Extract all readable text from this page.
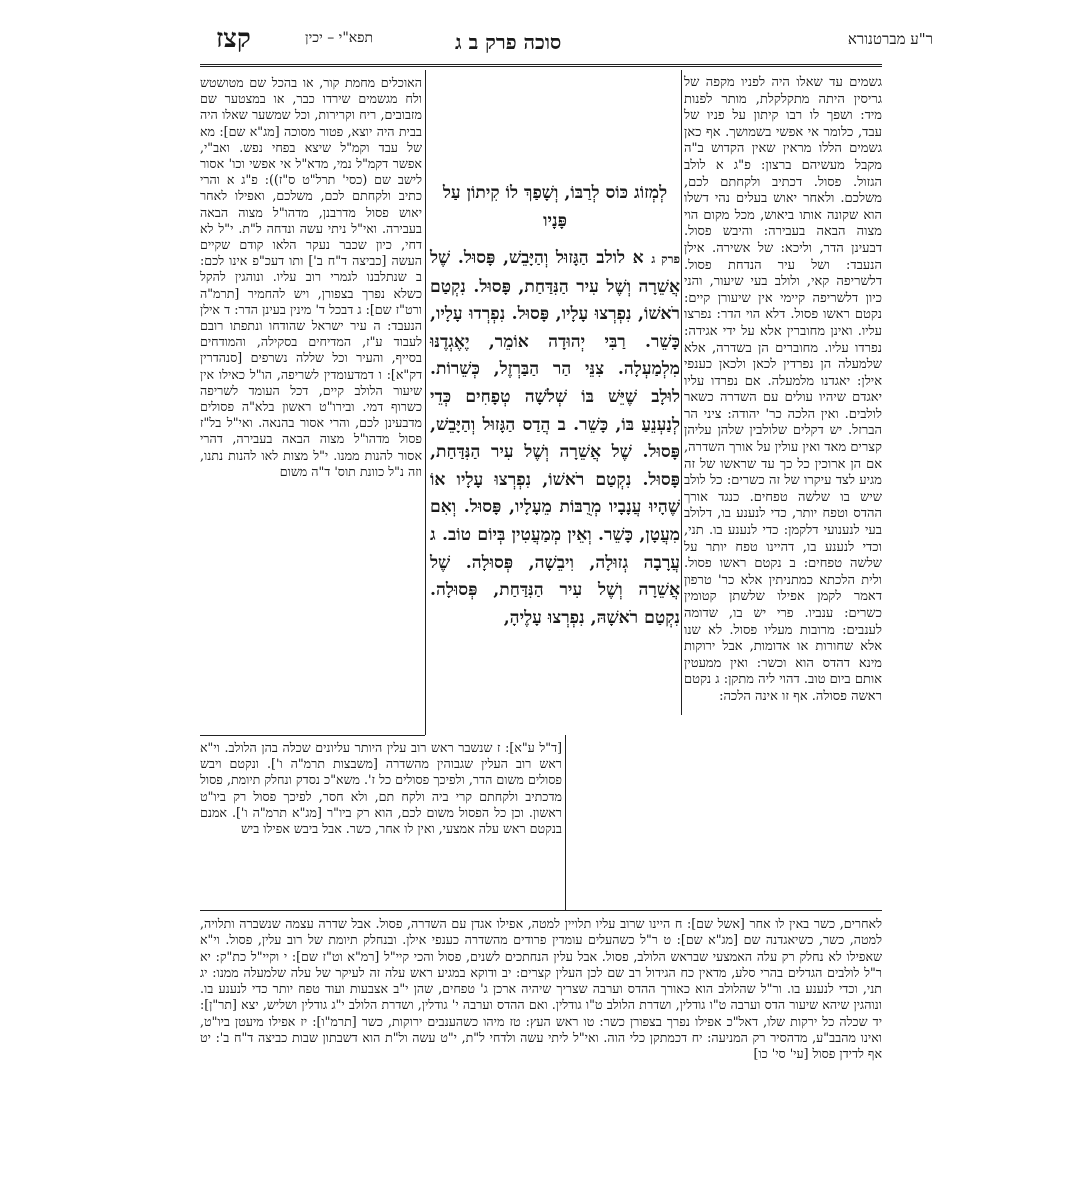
ר"ע מברטנורא
סוכה פרק ב ג
תפא"י – יכין
קצז
גשמים עד שאלו היה לפניו מקפה של גריסין היתה מתקלקלת, מותר לפנות מיד: ושפך לו רבו קיתון על פניו של עבד, כלומר אי אפשי בשמושך. אף כאן גשמים הללו מראין שאין הקדוש ב"ה מקבל מעשיהם ברצון: פ"ג א לולב הגזול. פסול. דכתיב ולקחתם לכם, משלכם. ולאחר יאוש בעלים נהי דשלו הוא שקונה אותו ביאוש, מכל מקום הוי מצוה הבאה בעבירה: והיבש פסול. דבעינן הדר, וליכא: של אשירה. אילן הנעבד: ושל עיר הנדחת פסול. דלשריפה קאי, ולולב בעי שיעור, והני כיון דלשריפה קיימי אין שיעורן קיים: נקטם ראשו פסול. דלא הוי הדר: נפרצו עליו. ואינן מחוברין אלא על ידי אגידה: נפרדו עליו. מחוברים הן בשדרה, אלא שלמעלה הן נפרדין לכאן ולכאן כענפי אילן: יאגדנו מלמעלה. אם נפרדו עליו יאגדם שיהיו עולים עם השדרה כשאר לולבים. ואין הלכה כר' יהודה: ציני הר הברזל. יש דקלים שלולבין שלהן עליהן קצרים מאד ואין עולין על אורך השדרה, אם הן ארוכין כל כך עד שראשו של זה מגיע לצד עיקרו של זה כשרים: כל לולב שיש בו שלשה טפחים. כנגד אורך ההדס וטפח יותר, כדי לנענע בו, דלולב בעי לנענועי דלקמן: כדי לנענע בו. תני, וכדי לנענע בו, דהיינו טפח יותר על שלשה טפחים: ב נקטם ראשו פסול. ולית הלכתא כמתניתין אלא כר' טרפון דאמר לקמן אפילו שלשתן קטומין כשרים: ענביו. פרי יש בו, שדומה לענבים: מרובות מעליו פסול. לא שנו אלא שחורות או אדומות, אבל ירוקות מינא דהדס הוא וכשר: ואין ממעטין אותם ביום טוב. דהוי ליה מתקן: ג נקטם ראשה פסולה. אף זו אינה הלכה:
לְמְזוֹג כּוֹס לְרַבּוֹ, וְשָׁפַךְ לוֹ קִיתוֹן עַל פָּנָיו
פרק ג א לולב הַגָּזוּל וְהַיָּבֵשׁ, פָּסוּל. שֶׁל אֲשֵׁרָה וְשֶׁל עִיר הַנִּדַּחַת, פָּסוּל. נִקְטַם רֹאשׁוֹ, נִפְרְצוּ עָלָיו, פָּסוּל. נִפְרְדוּ עָלָיו, כָּשֵׁר. רַבִּי יְהוּדָה אוֹמֵר, יֶאֶגְדֶנּוּ מִלְמַעְלָה. צִנֵּי הַר הַבַּרְזֶל, כְּשֵׁרוֹת. לוּלָב שֶׁיֵּשׁ בּוֹ שְׁלשָׁה טְפָחִים כְּדֵי לְנַעְנֵעַ בּוֹ, כָּשֵׁר. ב הֲדַס הַגָּזוּל וְהַיָּבֵשׁ, פָּסוּל. שֶׁל אֲשֵׁרָה וְשֶׁל עִיר הַנִּדַּחַת, פָּסוּל. נִקְטַם רֹאשׁוֹ, נִפְרְצוּ עָלָיו אוֹ שֶׁהָיוּ עֲנָבָיו מְרֻבּוֹת מֵעָלָיו, פָּסוּל. וְאִם מִעֲטָן, כָּשֵׁר. וְאֵין מְמַעֲטִין בְּיוֹם טוֹב. ג עֲרָבָה גְזוּלָה, וִיבֵשָׁה, פְּסוּלָה. שֶׁל אֲשֵׁרָה וְשֶׁל עִיר הַנִּדַּחַת, פְּסוּלָה. נִקְטַם רֹאשָׁהּ, נִפְרְצוּ עָלֶיהָ,
האוכלים מחמת קור, או בהכל שם מטושטש ולח מגשמים שירדו כבר, או במצטער שם מזבובים, ריח וקרירות, וכל שמשער שאלו היה בבית היה יוצא, פטור מסוכה [מג"א שם]: מא של עבד וקמ"ל שיצא בפחי נפש. ואב"י, אפשר דקמ"ל נמי, מדא"ל אי אפשי וכו' אסור לישב שם (כסי' תרל"ט ס"ז)): פ"ג א והרי כתיב ולקחתם לכם, משלכם, ואפילו לאחר יאוש פסול מדרבנן, מדהו"ל מצוה הבאה בעבירה. ואי"ל ניתי עשה ונדחה ל"ת. י"ל לא דחי, כיון שכבר נעקר הלאו קודם שקיים העשה [כביצה ד"ח ב'] ותו דעכ"פ אינו לכם: ב שנתלבנו לגמרי רוב עליו. ונוהגין להקל כשלא נפרך בצפורן, ויש להחמיר [תרמ"ה ורט"ז שם]: ג דבכל ד' מינין בעינן הדר: ד אילן הנעבד: ה עיר ישראל שהודחו ונתפתו רובם לעבוד ע"ז, המדיחים בסקילה, והמודחים בסייף, והעיר וכל שללה נשרפים [סנהדרין דק"א]: ו דמדעומדין לשריפה, הו"ל כאילו אין שיעור הלולב קיים, דכל העומד לשריפה כשרוף דמי. ובירו"ט ראשון בלא"ה פסולים מדבעינן לכם, והרי אסור בהנאה. ואי"ל בל"ז פסול מדהו"ל מצוה הבאה בעבירה, דהרי אסור להנות ממנו. י"ל מצות לאו להנות נתנו, וזה נ"ל כוונת תוס' ד"ה משום
[ד"ל ע"א]: ז שנשבר ראש רוב עלין היותר עליונים שכלה בהן הלולב. וי"א ראש רוב העלין שגבוהין מהשדרה [משבצות תרמ"ה ו']. ונקטם ויבש פסולים משום הדר, ולפיכך פסולים כל ז'. משא"כ נסדק ונחלק תיומת, פסול מדכתיב ולקחתם קרי ביה ולקח תם, ולא חסר, לפיכך פסול רק ביו"ט ראשון. וכן כל הפסול משום לכם, הוא רק ביו"ר [מג"א תרמ"ה ו']. אמנם בנקטם ראש עלה אמצעי, ואין לו אחר, כשר. אבל ביבש אפילו ביש
לאחרים, כשר באין לו אחר [אשל שם]: ח היינו שרוב עליו תלויין למטה, אפילו אגדן עם השדרה, פסול. אבל שדרה עצמה שנשברה ותלויה, למטה, כשר, כשיאגדנה שם [מג"א שם]: ט ר"ל כשהעלים עומדין פרודים מהשדרה כענפי אילן. ובנחלק תיומת של רוב עלין, פסול. וי"א שאפילו לא נחלק רק עלה האמצעי שבראש הלולב, פסול. אבל עלין הנחתכים לשנים, פסול והכי קיי"ל [רמ"א וט"ז שם]: י וקיי"ל כת"ק: יא ר"ל לולבים הגדלים בהרי סלע, מדאין כח הגידול רב שם לכן העלין קצרים: יב ודוקא במגיע ראש עלה זה לעיקר של עלה שלמעלה ממנו: יג תני, וכדי לנענע בו. ור"ל שהלולב הוא כאורך ההדס וערבה שצריך שיהיה ארכן ג' טפחים, שהן י"ב אצבעות ועוד טפח יותר כדי לנענע בו. ונוהגין שיהא שיעור הדס וערבה ט"ו גודלין, ושדרת הלולב ט"ו גודלין. ואם ההדס וערבה י' גודלין, ושדרת הלולב י"ג גודלין ושליש, יצא [תר"ן]: יד שכלה כל ירקות שלו, דאל"כ אפילו נפרך בצפורן כשר: טו ראש העץ: טז מיהו כשהענבים ירוקות, כשר [תרמ"ו]: יז אפילו מיעטן ביו"ט, ואינו מהבב"ע, מדהסיר רק המניעה: יח דכמתקן כלי הוה. ואי"ל ליתי עשה ולדחי ל"ת, י"ט עשה ול"ת הוא דשבתון שבות כביצה ד"ח ב': יט אף לדידן פסול [עי' סי' כו]
